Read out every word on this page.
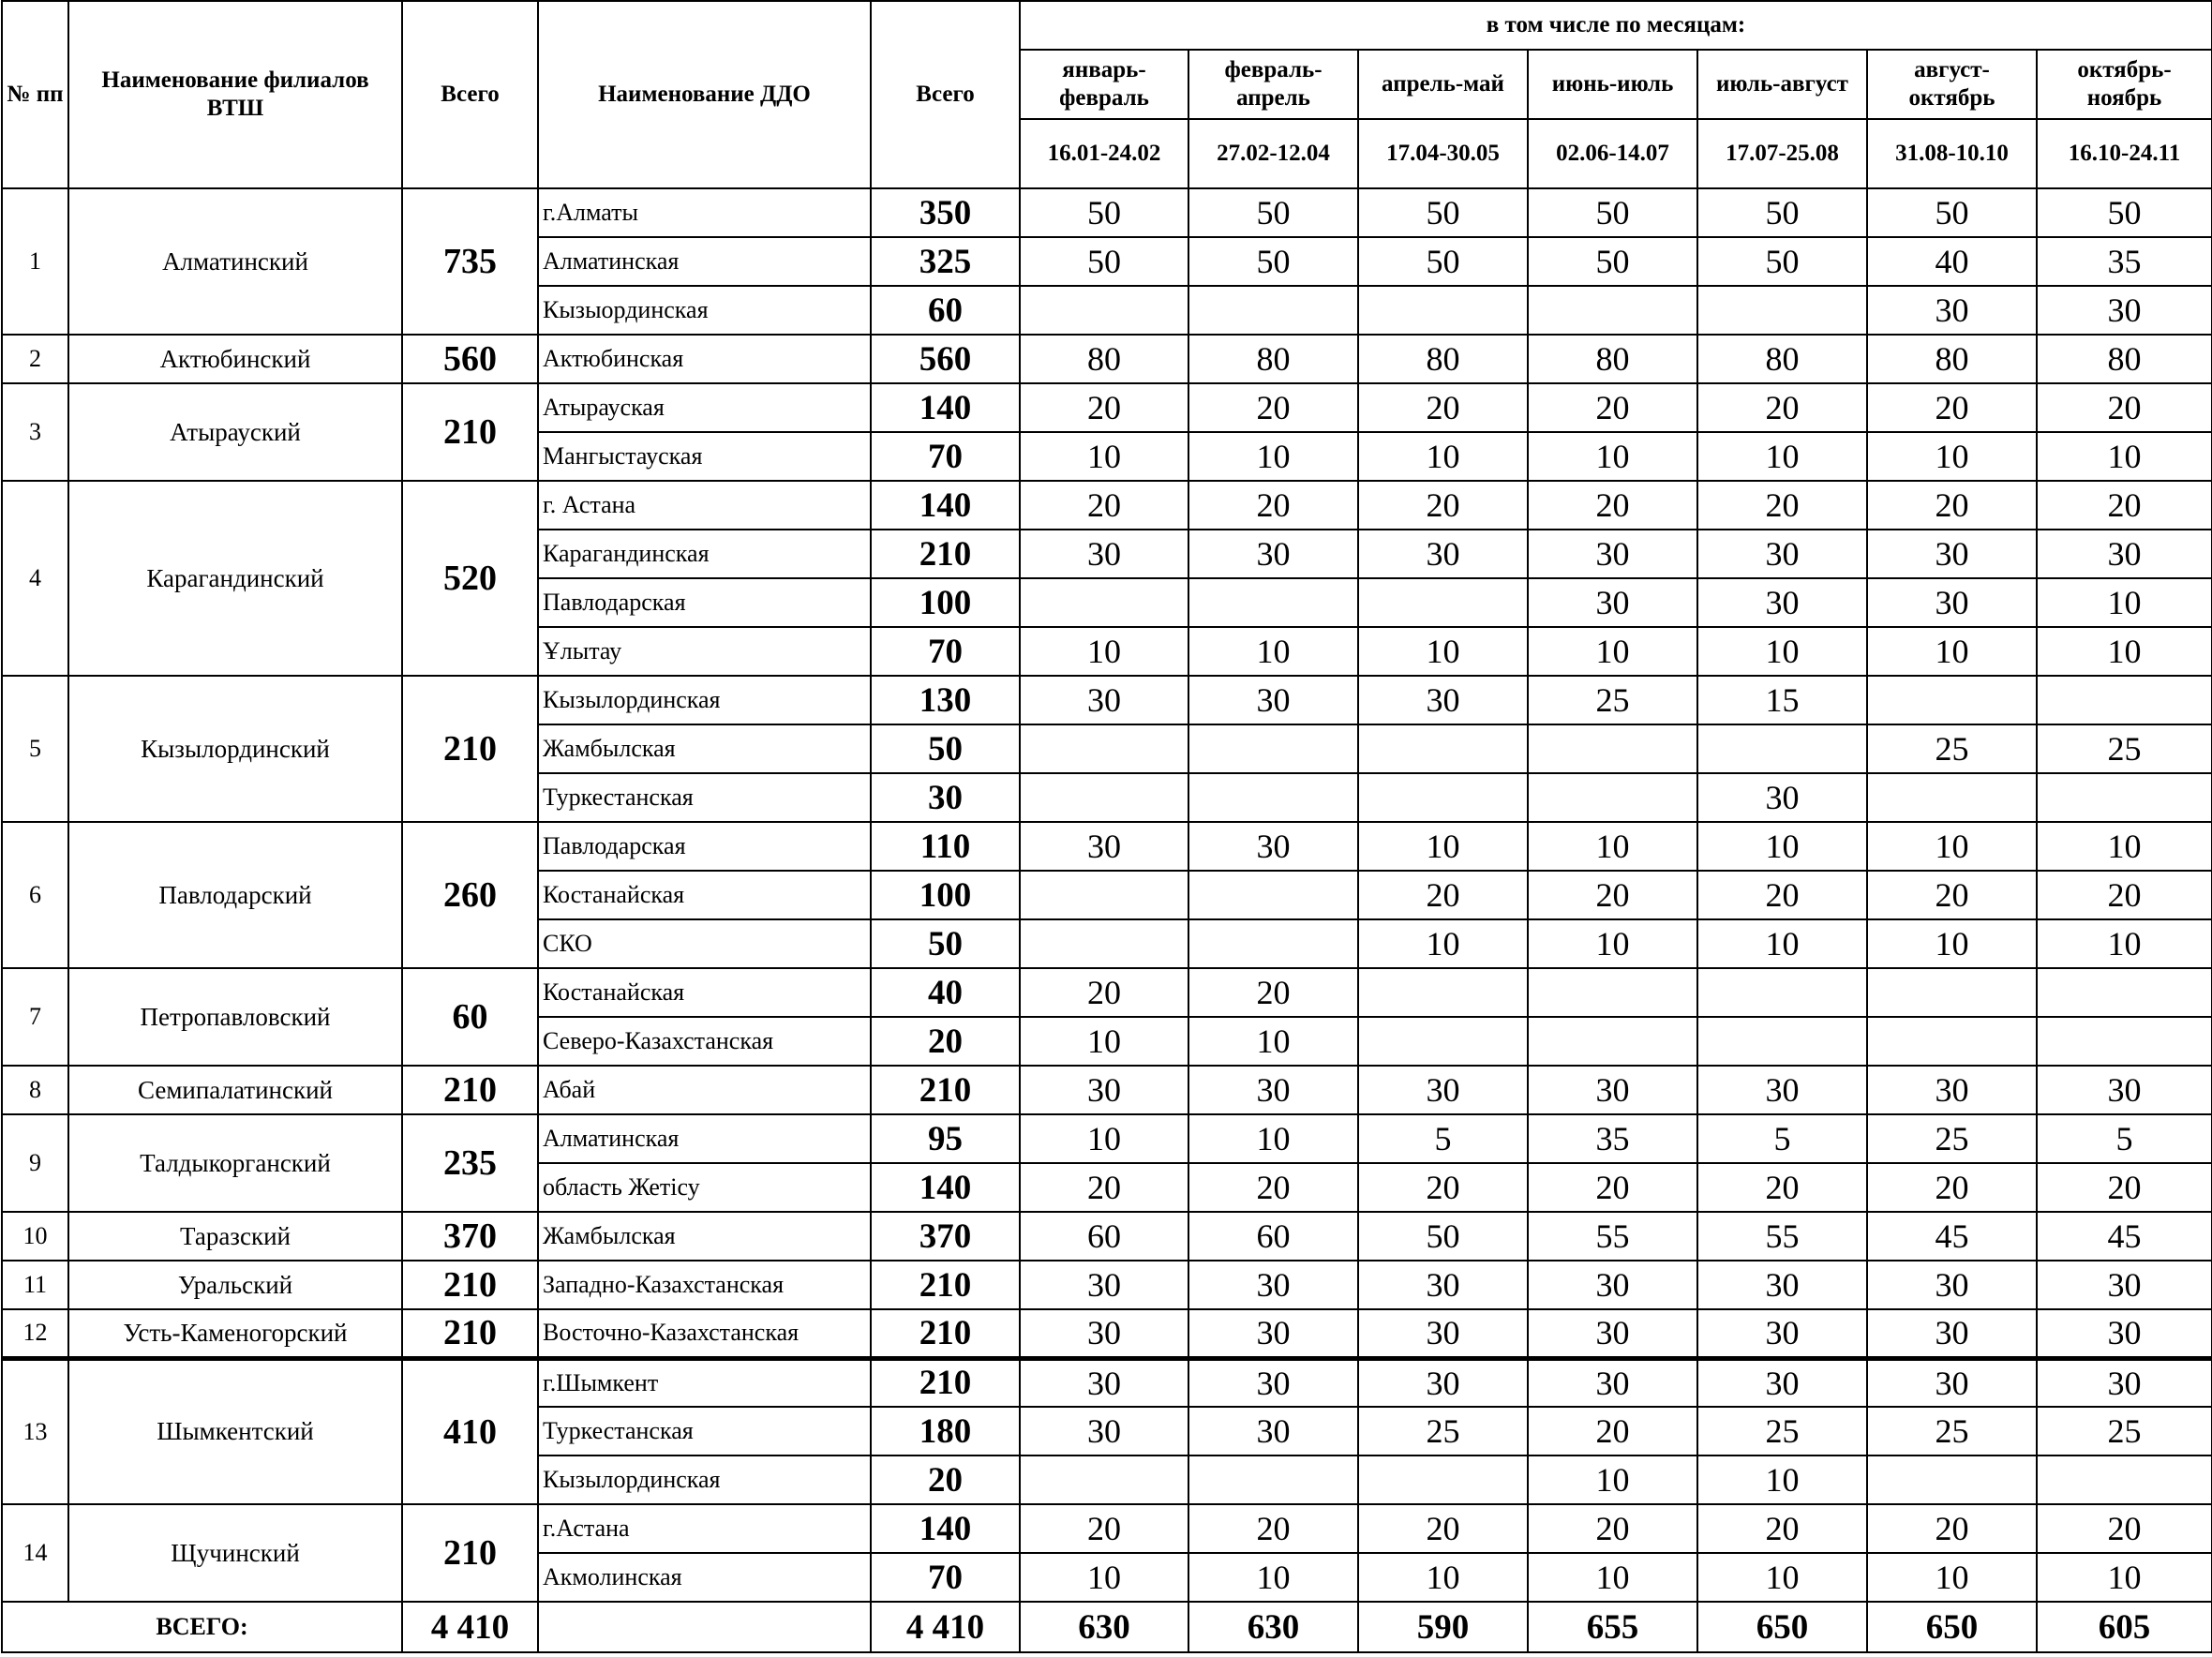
№ пп	Наименование филиалов ВТШ	Всего	Наименование ДДО	Всего	в том числе по месяцам:						
					январь-февраль	февраль-апрель	апрель-май	июнь-июль	июль-август	август-октябрь	октябрь-ноябрь
					16.01-24.02	27.02-12.04	17.04-30.05	02.06-14.07	17.07-25.08	31.08-10.10	16.10-24.11
1	Алматинский	735	г.Алматы	350	50	50	50	50	50	50	50
			Алматинская	325	50	50	50	50	50	40	35
			Кызыординская	60						30	30
2	Актюбинский	560	Актюбинская	560	80	80	80	80	80	80	80
3	Атырауский	210	Атырауская	140	20	20	20	20	20	20	20
			Мангыстауская	70	10	10	10	10	10	10	10
4	Карагандинский	520	г. Астана	140	20	20	20	20	20	20	20
			Карагандинская	210	30	30	30	30	30	30	30
			Павлодарская	100				30	30	30	10
			Ұлытау	70	10	10	10	10	10	10	10
5	Кызылординский	210	Кызылординская	130	30	30	30	25	15		
			Жамбылская	50						25	25
			Туркестанская	30					30		
6	Павлодарский	260	Павлодарская	110	30	30	10	10	10	10	10
			Костанайская	100			20	20	20	20	20
			СКО	50			10	10	10	10	10
7	Петропавловский	60	Костанайская	40	20	20					
			Северо-Казахстанская	20	10	10					
8	Семипалатинский	210	Абай	210	30	30	30	30	30	30	30
9	Талдыкорганский	235	Алматинская	95	10	10	5	35	5	25	5
			область Жетісу	140	20	20	20	20	20	20	20
10	Таразский	370	Жамбылская	370	60	60	50	55	55	45	45
11	Уральский	210	Западно-Казахстанская	210	30	30	30	30	30	30	30
12	Усть-Каменогорский	210	Восточно-Казахстанская	210	30	30	30	30	30	30	30
13	Шымкентский	410	г.Шымкент	210	30	30	30	30	30	30	30
			Туркестанская	180	30	30	25	20	25	25	25
			Кызылординская	20				10	10		
14	Щучинский	210	г.Астана	140	20	20	20	20	20	20	20
			Акмолинская	70	10	10	10	10	10	10	10
ВСЕГО:		4 410		4 410	630	630	590	655	650	650	605
